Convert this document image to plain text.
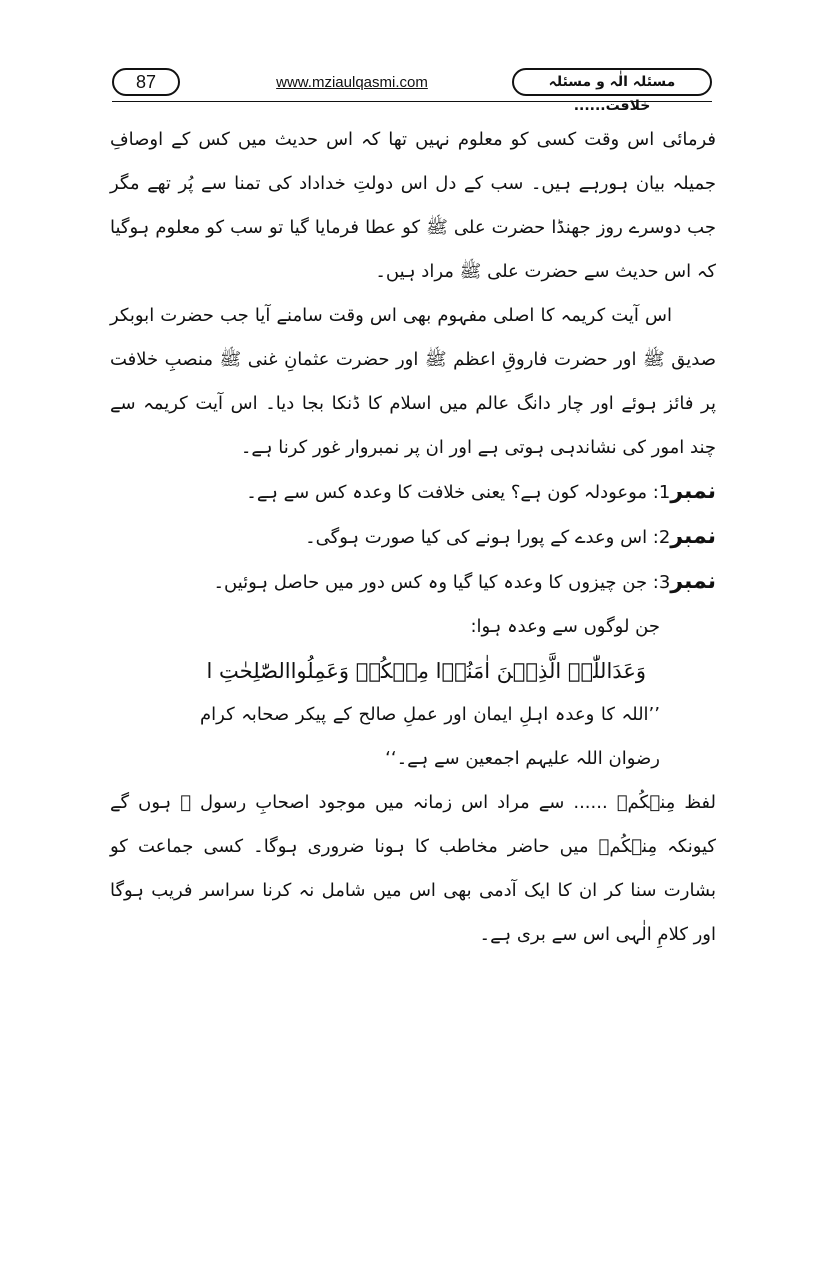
87	www.mziaulqasmi.com	مسئلہ الٰہ و مسئلہ خلافت......

فرمائی اس وقت کسی کو معلوم نہیں تھا کہ اس حدیث میں کس کے اوصافِ جمیلہ بیان ہورہے ہیں۔ سب کے دل اس دولتِ خداداد کی تمنا سے پُر تھے مگر جب دوسرے روز جھنڈا حضرت علی ﷺ کو عطا فرمایا گیا تو سب کو معلوم ہوگیا کہ اس حدیث سے حضرت علی ﷺ مراد ہیں۔

اس آیت کریمہ کا اصلی مفہوم بھی اس وقت سامنے آیا جب حضرت ابوبکر صدیق ﷺ اور حضرت فاروقِ اعظم ﷺ اور حضرت عثمانِ غنی ﷺ منصبِ خلافت پر فائز ہوئے اور چار دانگ عالم میں اسلام کا ڈنکا بجا دیا۔ اس آیت کریمہ سے چند امور کی نشاندہی ہوتی ہے اور ان پر نمبروار غور کرنا ہے۔

نمبر1: موعودلہ کون ہے؟ یعنی خلافت کا وعدہ کس سے ہے۔

نمبر2: اس وعدے کے پورا ہونے کی کیا صورت ہوگی۔

نمبر3: جن چیزوں کا وعدہ کیا گیا وہ کس دور میں حاصل ہوئیں۔

جن لوگوں سے وعدہ ہوا:

وَعَدَاللّٰہُ الَّذِیۡنَ اٰمَنُوۡا مِنۡکُمۡ وَعَمِلُواالصّٰلِحٰتِ ا

’’اللہ کا وعدہ اہلِ ایمان اور عملِ صالح کے پیکر صحابہ کرام رضوان اللہ علیہم اجمعین سے ہے۔‘‘

لفظ مِنۡکُمۡ ...... سے مراد اس زمانہ میں موجود اصحابِ رسول ﷺ ہوں گے کیونکہ مِنۡکُمۡ میں حاضر مخاطب کا ہونا ضروری ہوگا۔ کسی جماعت کو بشارت سنا کر ان کا ایک آدمی بھی اس میں شامل نہ کرنا سراسر فریب ہوگا اور کلامِ الٰہی اس سے بری ہے۔
